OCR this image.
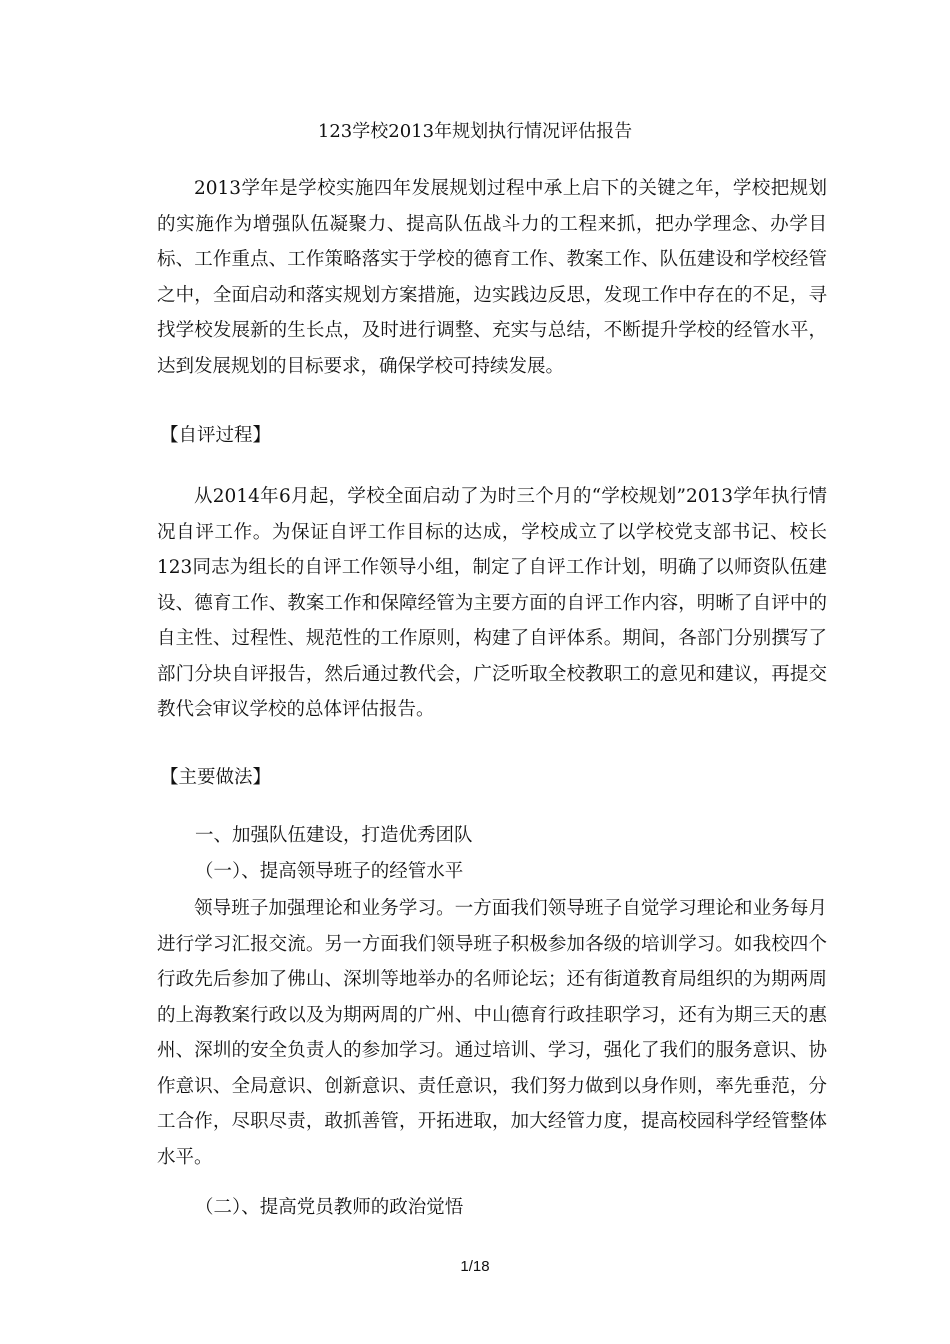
123学校2013年规划执行情况评估报告

2013学年是学校实施四年发展规划过程中承上启下的关键之年，学校把规划的实施作为增强队伍凝聚力、提高队伍战斗力的工程来抓，把办学理念、办学目标、工作重点、工作策略落实于学校的德育工作、教案工作、队伍建设和学校经管之中，全面启动和落实规划方案措施，边实践边反思，发现工作中存在的不足，寻找学校发展新的生长点，及时进行调整、充实与总结，不断提升学校的经管水平，达到发展规划的目标要求，确保学校可持续发展。

【自评过程】

从2014年6月起，学校全面启动了为时三个月的“学校规划”2013学年执行情况自评工作。为保证自评工作目标的达成，学校成立了以学校党支部书记、校长123同志为组长的自评工作领导小组，制定了自评工作计划，明确了以师资队伍建设、德育工作、教案工作和保障经管为主要方面的自评工作内容，明晰了自评中的自主性、过程性、规范性的工作原则，构建了自评体系。期间，各部门分别撰写了部门分块自评报告，然后通过教代会，广泛听取全校教职工的意见和建议，再提交教代会审议学校的总体评估报告。

【主要做法】
一、加强队伍建设，打造优秀团队
（一）、提高领导班子的经管水平

领导班子加强理论和业务学习。一方面我们领导班子自觉学习理论和业务每月进行学习汇报交流。另一方面我们领导班子积极参加各级的培训学习。如我校四个行政先后参加了佛山、深圳等地举办的名师论坛；还有街道教育局组织的为期两周的上海教案行政以及为期两周的广州、中山德育行政挂职学习，还有为期三天的惠州、深圳的安全负责人的参加学习。通过培训、学习，强化了我们的服务意识、协作意识、全局意识、创新意识、责任意识，我们努力做到以身作则，率先垂范，分工合作，尽职尽责，敢抓善管，开拓进取，加大经管力度，提高校园科学经管整体水平。

（二）、提高党员教师的政治觉悟
1/18
